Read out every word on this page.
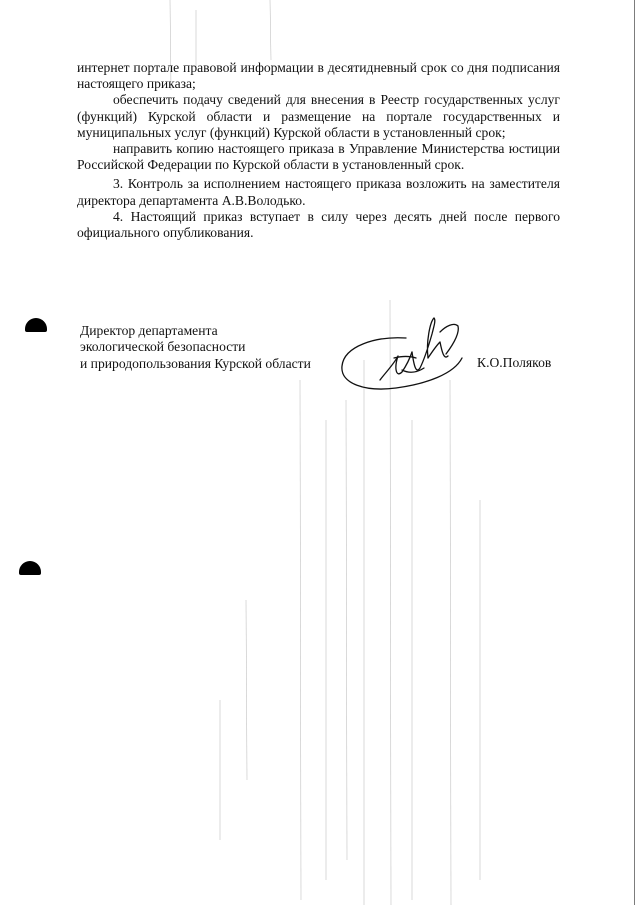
интернет портале правовой информации в десятидневный срок со дня подписания настоящего приказа;

обеспечить подачу сведений для внесения в Реестр государственных услуг (функций) Курской области и размещение на портале государственных и муниципальных услуг (функций) Курской области в установленный срок;

направить копию настоящего приказа в Управление Министерства юстиции Российской Федерации по Курской области в установленный срок.

3. Контроль за исполнением настоящего приказа возложить на заместителя директора департамента А.В.Володько.

4. Настоящий приказ вступает в силу через десять дней после первого официального опубликования.

Директор департамента
экологической безопасности
и природопользования Курской области	К.О.Поляков
